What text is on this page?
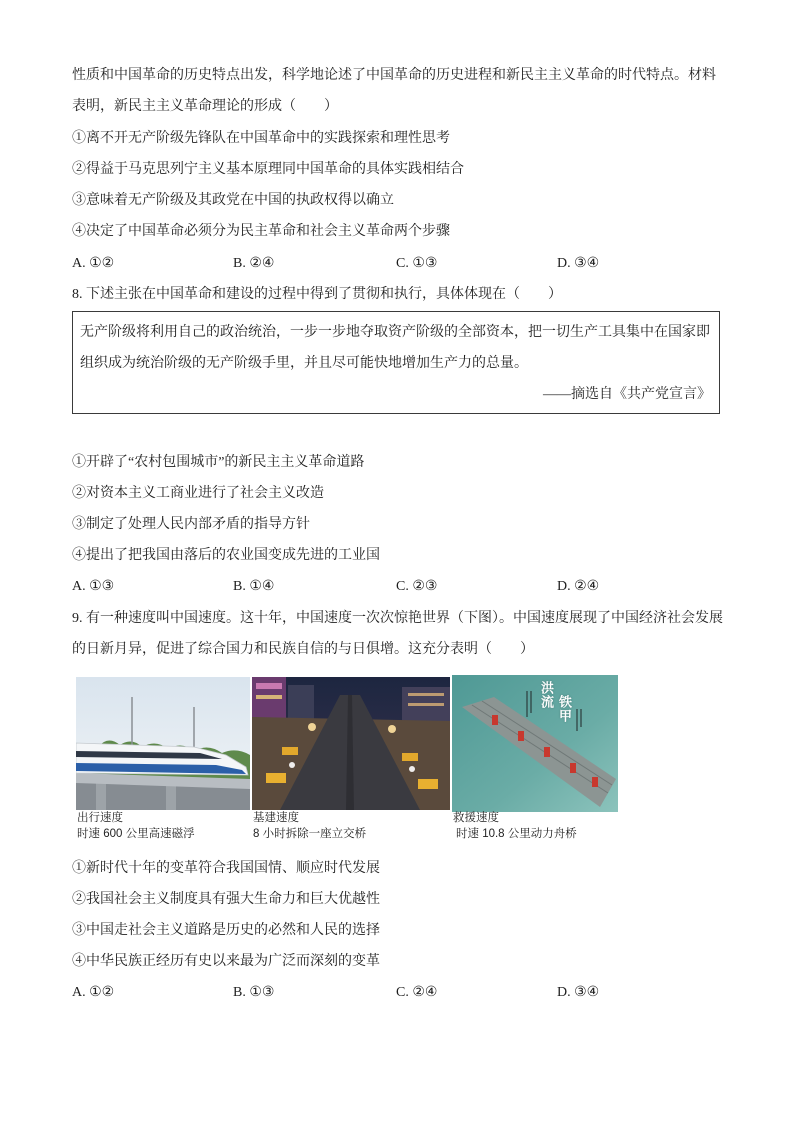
性质和中国革命的历史特点出发，科学地论述了中国革命的历史进程和新民主主义革命的时代特点。材料
表明，新民主主义革命理论的形成（　　）
①离不开无产阶级先锋队在中国革命中的实践探索和理性思考
②得益于马克思列宁主义基本原理同中国革命的具体实践相结合
③意味着无产阶级及其政党在中国的执政权得以确立
④决定了中国革命必须分为民主革命和社会主义革命两个步骤
A. ①②	B. ②④	C. ①③	D. ③④
8. 下述主张在中国革命和建设的过程中得到了贯彻和执行，具体体现在（　　）
无产阶级将利用自己的政治统治，一步一步地夺取资产阶级的全部资本，把一切生产工具集中在国家即
组织成为统治阶级的无产阶级手里，并且尽可能快地增加生产力的总量。
——摘选自《共产党宣言》
①开辟了“农村包围城市”的新民主主义革命道路
②对资本主义工商业进行了社会主义改造
③制定了处理人民内部矛盾的指导方针
④提出了把我国由落后的农业国变成先进的工业国
A. ①③	B. ①④	C. ②③	D. ②④
9. 有一种速度叫中国速度。这十年，中国速度一次次惊艳世界（下图）。中国速度展现了中国经济社会发展
的日新月异，促进了综合国力和民族自信的与日俱增。这充分表明（　　）
出行速度
时速 600 公里高速磁浮
基建速度
8 小时拆除一座立交桥
洪流 铁甲
救援速度
时速 10.8 公里动力舟桥
①新时代十年的变革符合我国国情、顺应时代发展
②我国社会主义制度具有强大生命力和巨大优越性
③中国走社会主义道路是历史的必然和人民的选择
④中华民族正经历有史以来最为广泛而深刻的变革
A. ①②	B. ①③	C. ②④	D. ③④
